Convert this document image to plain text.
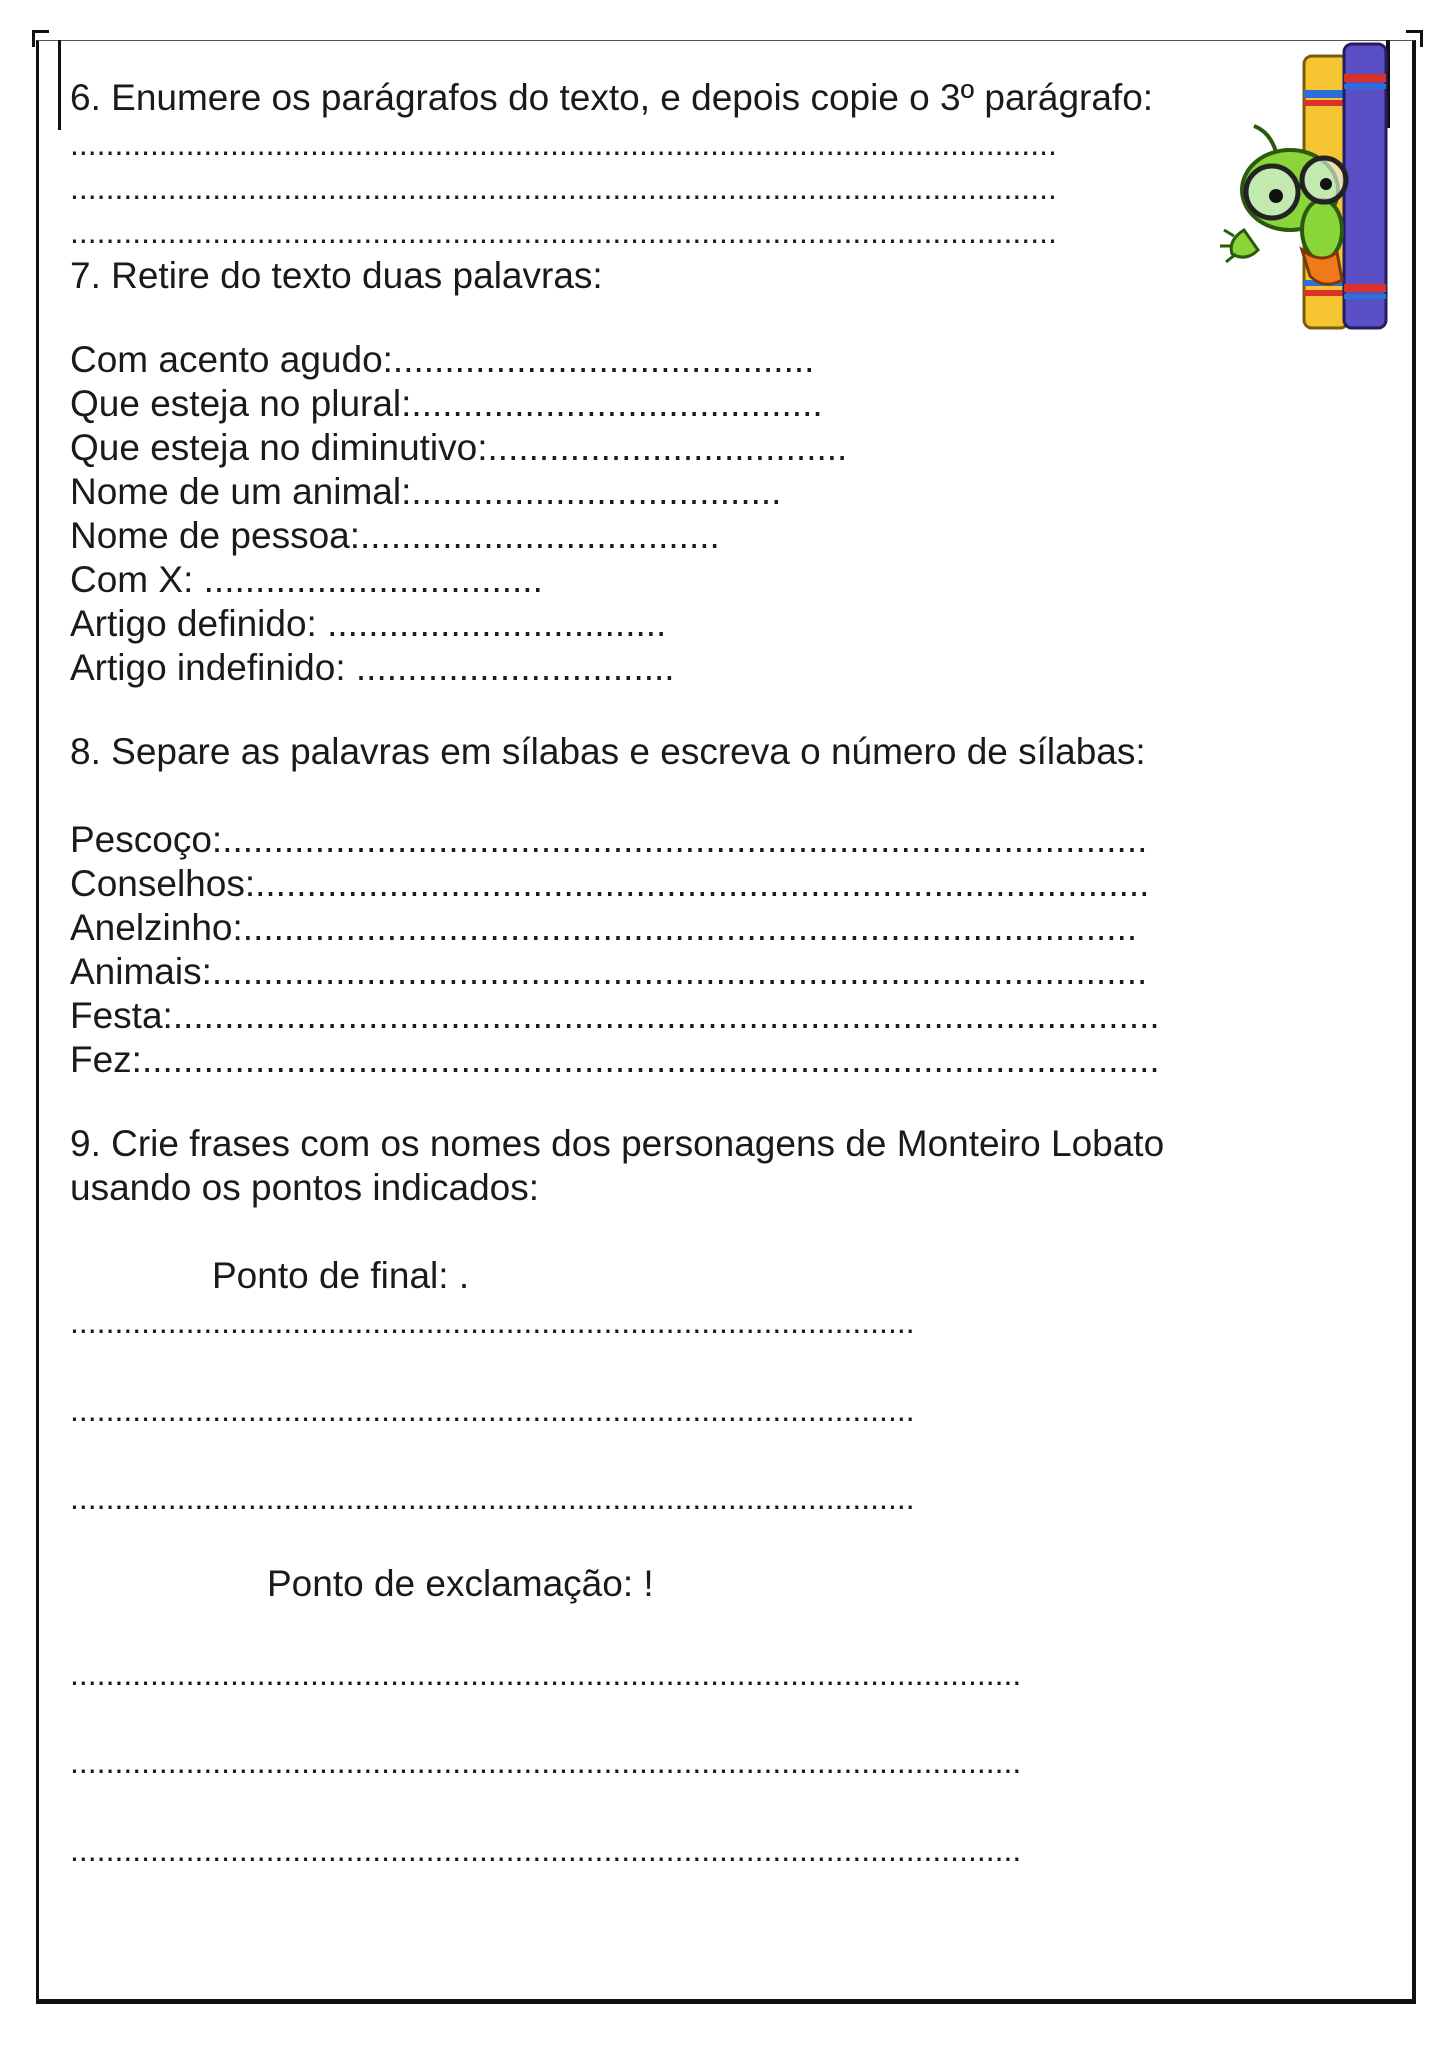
6. Enumere os parágrafos do texto, e depois copie o 3º parágrafo:
...............................................................................................................
...............................................................................................................
...............................................................................................................
7. Retire do texto duas palavras:
Com acento agudo:.........................................
Que esteja no plural:........................................
Que esteja no diminutivo:...................................
Nome de um animal:....................................
Nome de pessoa:...................................
Com X: .................................
Artigo definido: .................................
Artigo indefinido: ...............................
8. Separe as palavras em sílabas e escreva o número de sílabas:
Pescoço:..........................................................................................
Conselhos:.......................................................................................
Anelzinho:.......................................................................................
Animais:...........................................................................................
Festa:................................................................................................
Fez:...................................................................................................
9. Crie frases com os nomes dos personagens de Monteiro Lobato
usando os pontos indicados:
Ponto de final: .
...............................................................................................
...............................................................................................
...............................................................................................
Ponto de exclamação: !
...........................................................................................................
...........................................................................................................
...........................................................................................................
